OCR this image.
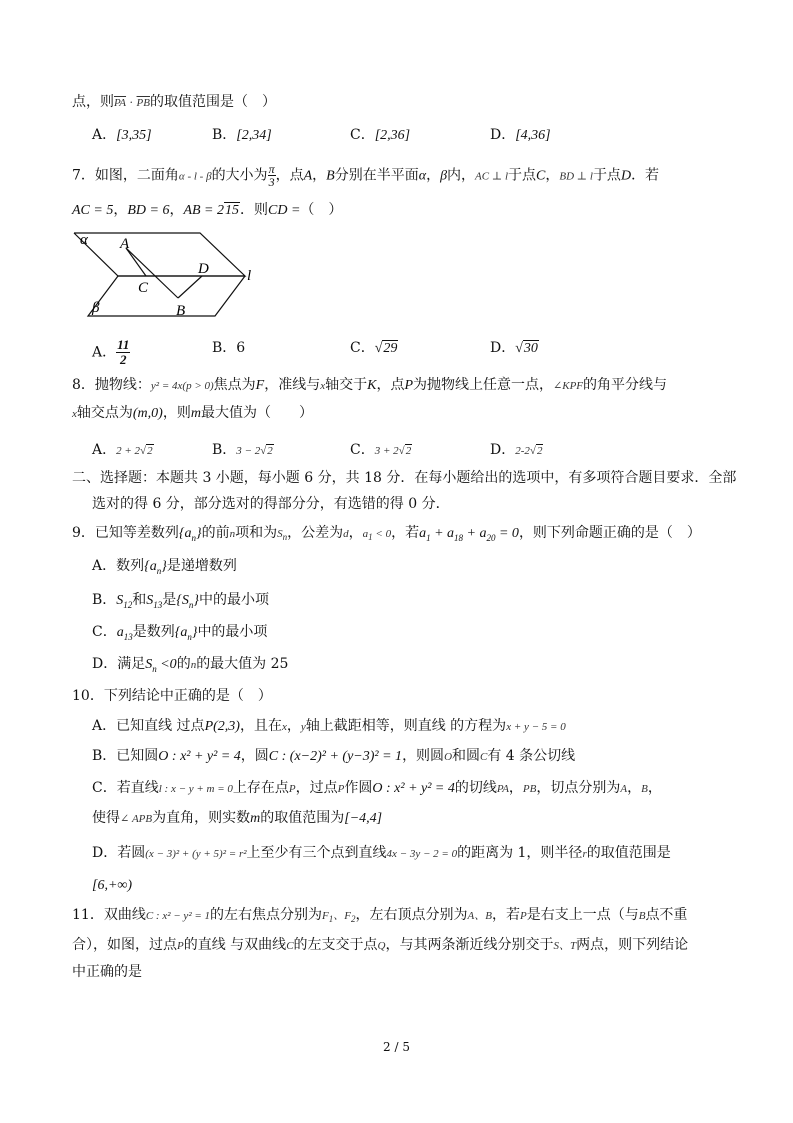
点，则$\overline{PA} \cdot \overline{PB}$的取值范围是（　）
A．[3,35]	B．[2,34]	C．[2,36]	D．[4,36]
7．如图，二面角α - l - β的大小为 $\frac{\pi}{3}$ ，点A，B分别在半平面α，β内，AC ⊥ l于点C，BD ⊥ l于点D．若
AC = 5，BD = 6，AB = 215．则CD =（　）
α A
D
C
B
β
l
A． $\frac{11}{2}$	B．6	C．√29	D．√30
8．抛物线：y² = 4x(p > 0)焦点为F，准线与x轴交于K，点P为抛物线上任意一点，∠KPF的角平分线与
x轴交点为(m,0)，则m最大值为（　　）
A．2 + 2√2	B．3 − 2√2	C．3 + 2√2	D．2-2√2
二、选择题：本题共 3 小题，每小题 6 分，共 18 分．在每小题给出的选项中，有多项符合题目要求．全部
选对的得 6 分，部分选对的得部分分，有选错的得 0 分．
9．已知等差数列$\{a_n\}$的前n项和为$S_n$，公差为d，$a_1 < 0$，若$a_1 + a_{18} + a_{20} = 0$，则下列命题正确的是（　）
A．数列$\{a_n\}$是递增数列
B．$S_{12}$和$S_{13}$是$\{S_n\}$中的最小项
C．$a_{13}$是数列$\{a_n\}$中的最小项
D．满足$S_n <0$的n的最大值为 25
10．下列结论中正确的是（　）
A．已知直线 过点P(2,3)，且在x，y轴上截距相等，则直线 的方程为x + y − 5 = 0
B．已知圆O : x² + y² = 4，圆C : (x−2)² + (y−3)² = 1，则圆O和圆C有 4 条公切线
C．若直线l : x − y + m = 0上存在点P，过点P作圆O : x² + y² = 4的切线PA，PB，切点分别为A，B，
使得∠ APB为直角，则实数m的取值范围为[−4,4]
D．若圆(x − 3)² + (y + 5)² = r²上至少有三个点到直线4x − 3y − 2 = 0的距离为 1，则半径r的取值范围是
[6,+∞)
11．双曲线C : x² − y² = 1的左右焦点分别为$F_1$、$F_2$，左右顶点分别为A、B，若P是右支上一点（与B点不重
合），如图，过点P的直线 与双曲线C的左支交于点Q，与其两条渐近线分别交于S、T两点，则下列结论
中正确的是
2 / 5
